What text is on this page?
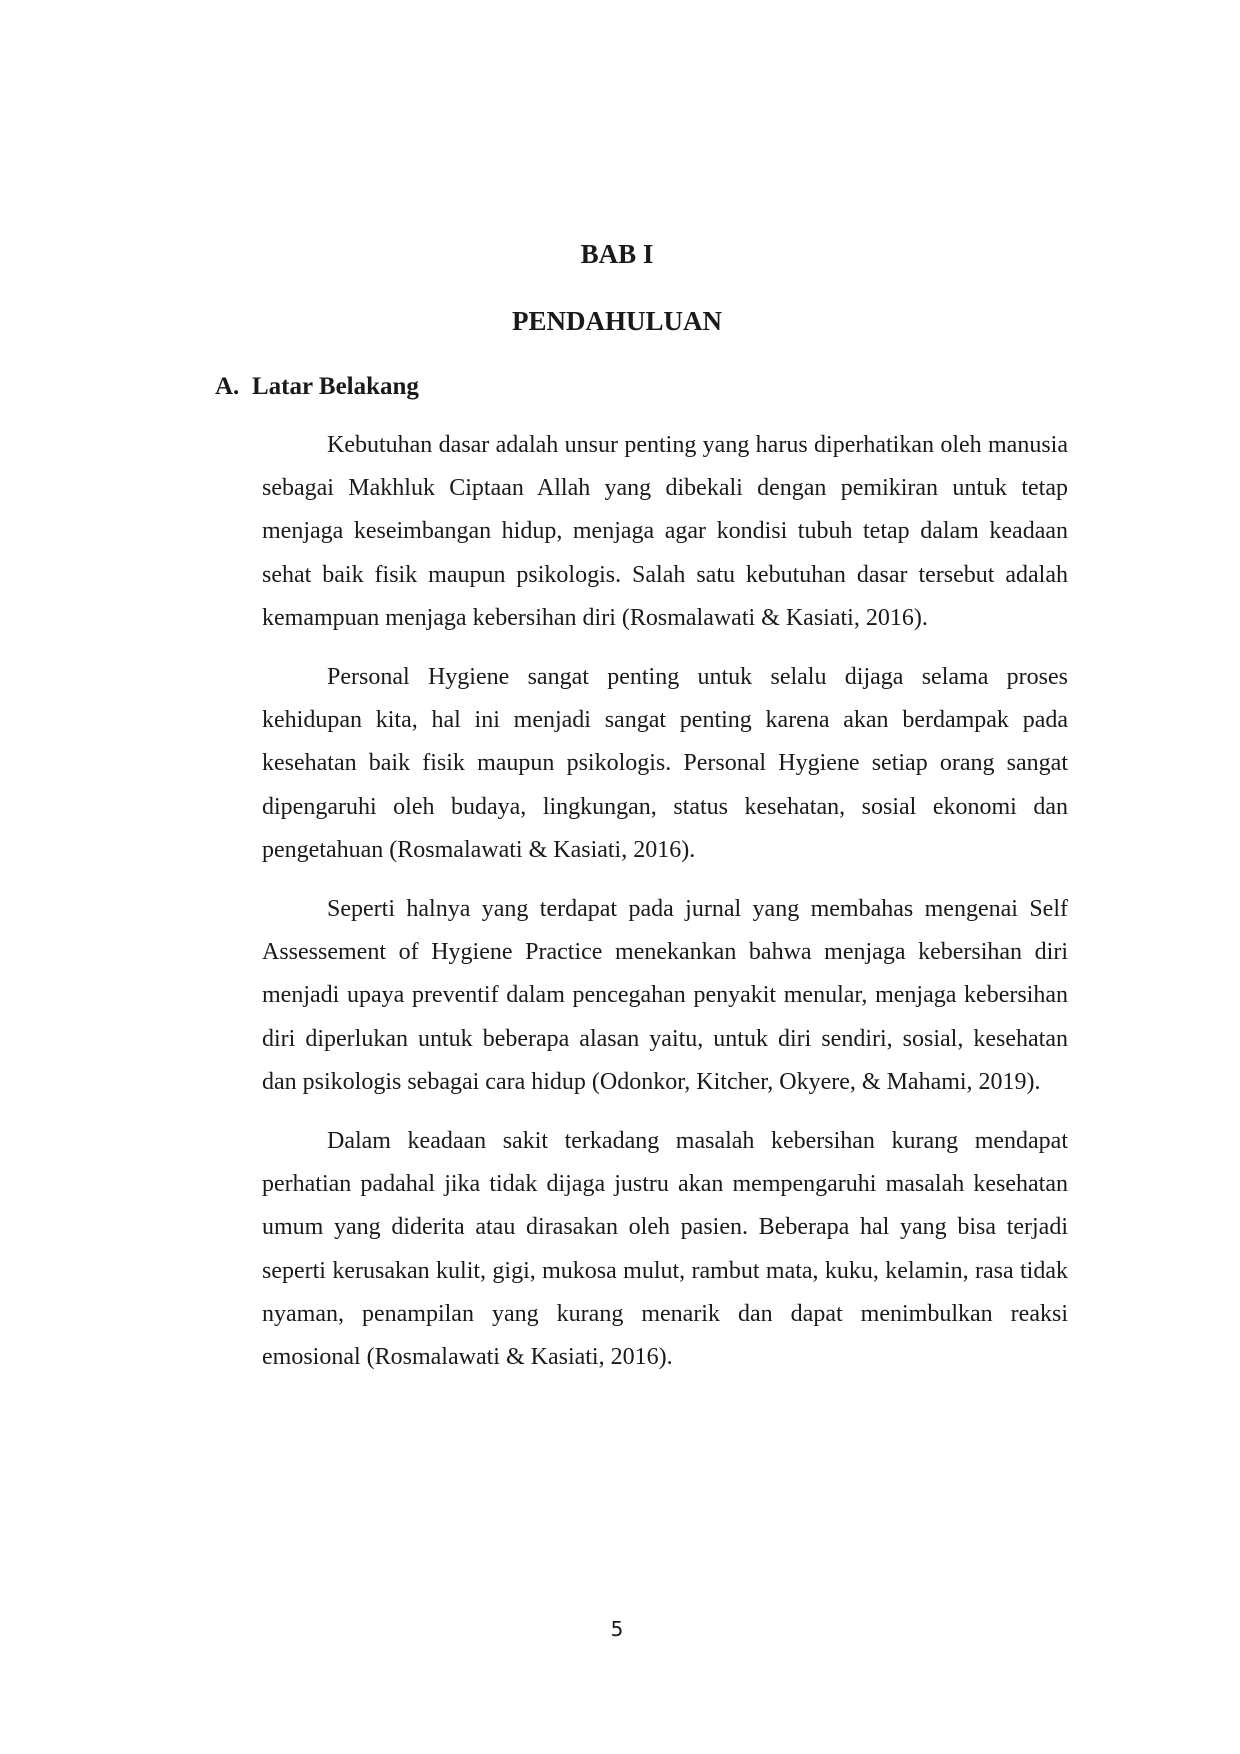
BAB I
PENDAHULUAN
A. Latar Belakang

Kebutuhan dasar adalah unsur penting yang harus diperhatikan oleh manusia sebagai Makhluk Ciptaan Allah yang dibekali dengan pemikiran untuk tetap menjaga keseimbangan hidup, menjaga agar kondisi tubuh tetap dalam keadaan sehat baik fisik maupun psikologis. Salah satu kebutuhan dasar tersebut adalah kemampuan menjaga kebersihan diri (Rosmalawati & Kasiati, 2016).

Personal Hygiene sangat penting untuk selalu dijaga selama proses kehidupan kita, hal ini menjadi sangat penting karena akan berdampak pada kesehatan baik fisik maupun psikologis. Personal Hygiene setiap orang sangat dipengaruhi oleh budaya, lingkungan, status kesehatan, sosial ekonomi dan pengetahuan (Rosmalawati & Kasiati, 2016).

Seperti halnya yang terdapat pada jurnal yang membahas mengenai Self Assessement of Hygiene Practice menekankan bahwa menjaga kebersihan diri menjadi upaya preventif dalam pencegahan penyakit menular, menjaga kebersihan diri diperlukan untuk beberapa alasan yaitu, untuk diri sendiri, sosial, kesehatan dan psikologis sebagai cara hidup (Odonkor, Kitcher, Okyere, & Mahami, 2019).

Dalam keadaan sakit terkadang masalah kebersihan kurang mendapat perhatian padahal jika tidak dijaga justru akan mempengaruhi masalah kesehatan umum yang diderita atau dirasakan oleh pasien. Beberapa hal yang bisa terjadi seperti kerusakan kulit, gigi, mukosa mulut, rambut mata, kuku, kelamin, rasa tidak nyaman, penampilan yang kurang menarik dan dapat menimbulkan reaksi emosional (Rosmalawati & Kasiati, 2016).

5
